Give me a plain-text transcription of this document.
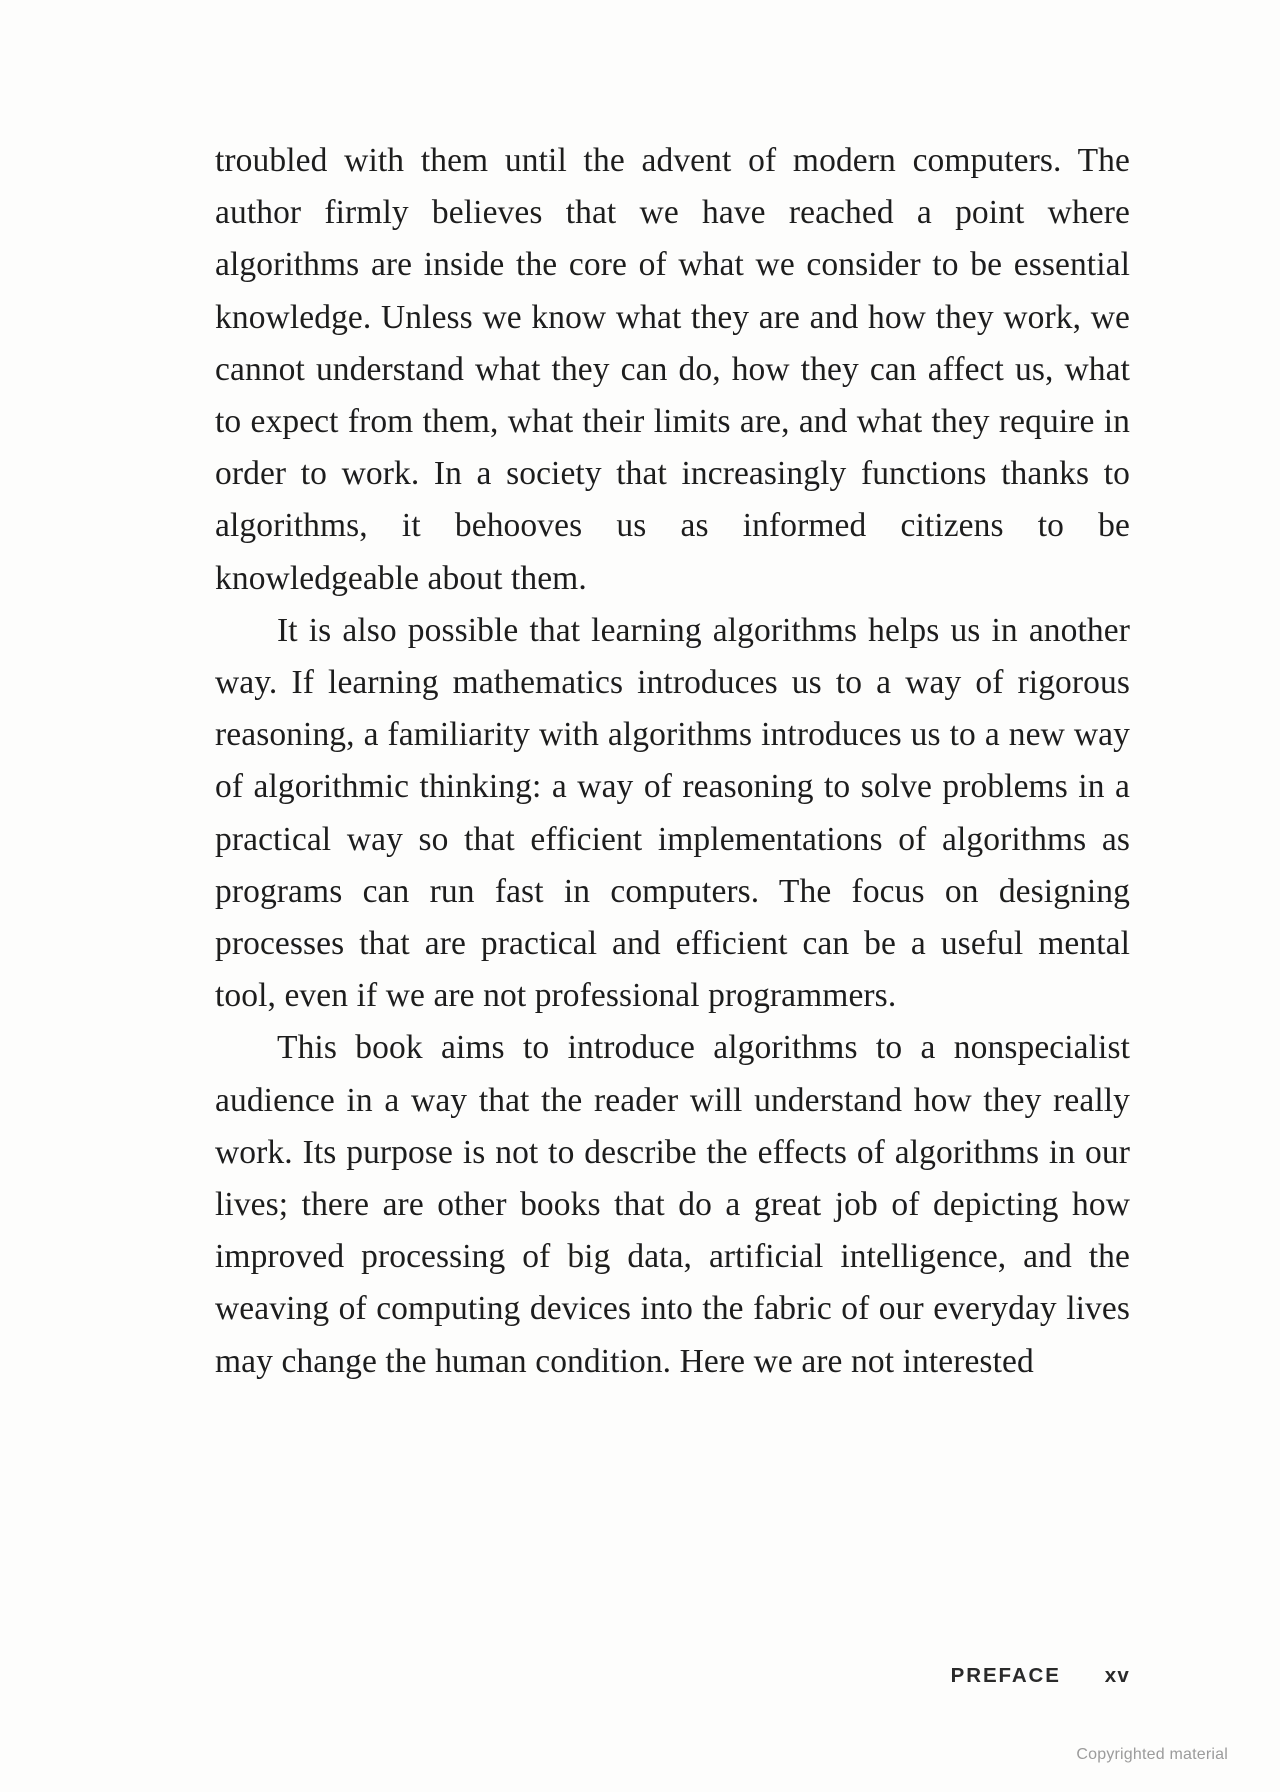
troubled with them until the advent of modern computers. The author firmly believes that we have reached a point where algorithms are inside the core of what we consider to be essential knowledge. Unless we know what they are and how they work, we cannot understand what they can do, how they can affect us, what to expect from them, what their limits are, and what they require in order to work. In a society that increasingly functions thanks to algorithms, it behooves us as informed citizens to be knowledgeable about them.

It is also possible that learning algorithms helps us in another way. If learning mathematics introduces us to a way of rigorous reasoning, a familiarity with algorithms introduces us to a new way of algorithmic thinking: a way of reasoning to solve problems in a practical way so that efficient implementations of algorithms as programs can run fast in computers. The focus on designing processes that are practical and efficient can be a useful mental tool, even if we are not professional programmers.

This book aims to introduce algorithms to a nonspecialist audience in a way that the reader will understand how they really work. Its purpose is not to describe the effects of algorithms in our lives; there are other books that do a great job of depicting how improved processing of big data, artificial intelligence, and the weaving of computing devices into the fabric of our everyday lives may change the human condition. Here we are not interested

PREFACE xv
Copyrighted material
